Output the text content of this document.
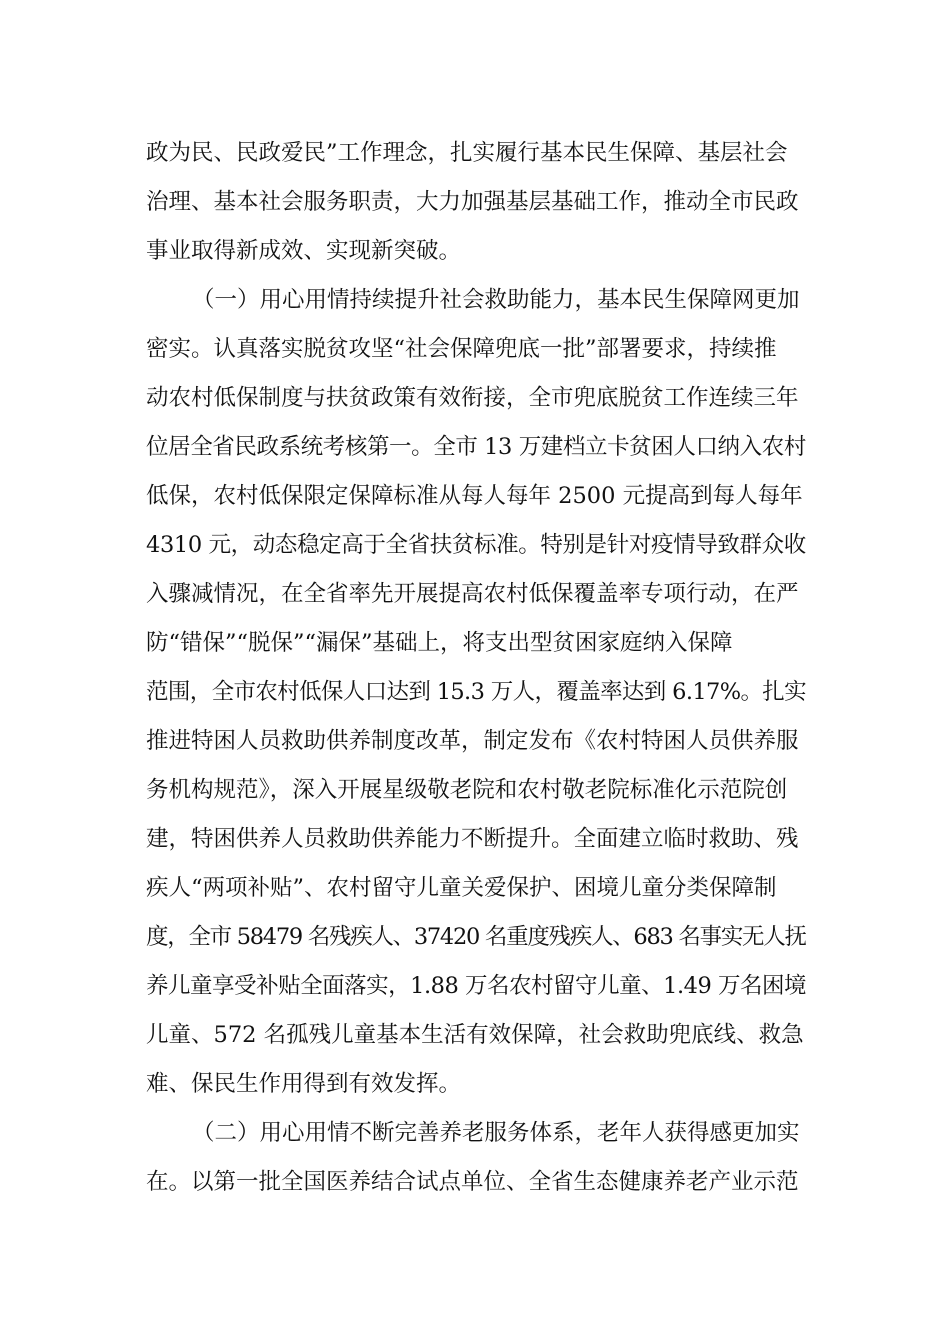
政为民、民政爱民”工作理念，扎实履行基本民生保障、基层社会
治理、基本社会服务职责，大力加强基层基础工作，推动全市民政
事业取得新成效、实现新突破。
（一）用心用情持续提升社会救助能力，基本民生保障网更加
密实。认真落实脱贫攻坚“社会保障兜底一批”部署要求，持续推
动农村低保制度与扶贫政策有效衔接，全市兜底脱贫工作连续三年
位居全省民政系统考核第一。全市 13 万建档立卡贫困人口纳入农村
低保，农村低保限定保障标准从每人每年 2500 元提高到每人每年
4310 元，动态稳定高于全省扶贫标准。特别是针对疫情导致群众收
入骤减情况，在全省率先开展提高农村低保覆盖率专项行动，在严
防“错保”“脱保”“漏保”基础上，将支出型贫困家庭纳入保障
范围，全市农村低保人口达到 15.3 万人，覆盖率达到 6.17%。扎实
推进特困人员救助供养制度改革，制定发布《农村特困人员供养服
务机构规范》，深入开展星级敬老院和农村敬老院标准化示范院创
建，特困供养人员救助供养能力不断提升。全面建立临时救助、残
疾人“两项补贴”、农村留守儿童关爱保护、困境儿童分类保障制
度，全市 58479 名残疾人、37420 名重度残疾人、683 名事实无人抚
养儿童享受补贴全面落实，1.88 万名农村留守儿童、1.49 万名困境
儿童、572 名孤残儿童基本生活有效保障，社会救助兜底线、救急
难、保民生作用得到有效发挥。
（二）用心用情不断完善养老服务体系，老年人获得感更加实
在。以第一批全国医养结合试点单位、全省生态健康养老产业示范
